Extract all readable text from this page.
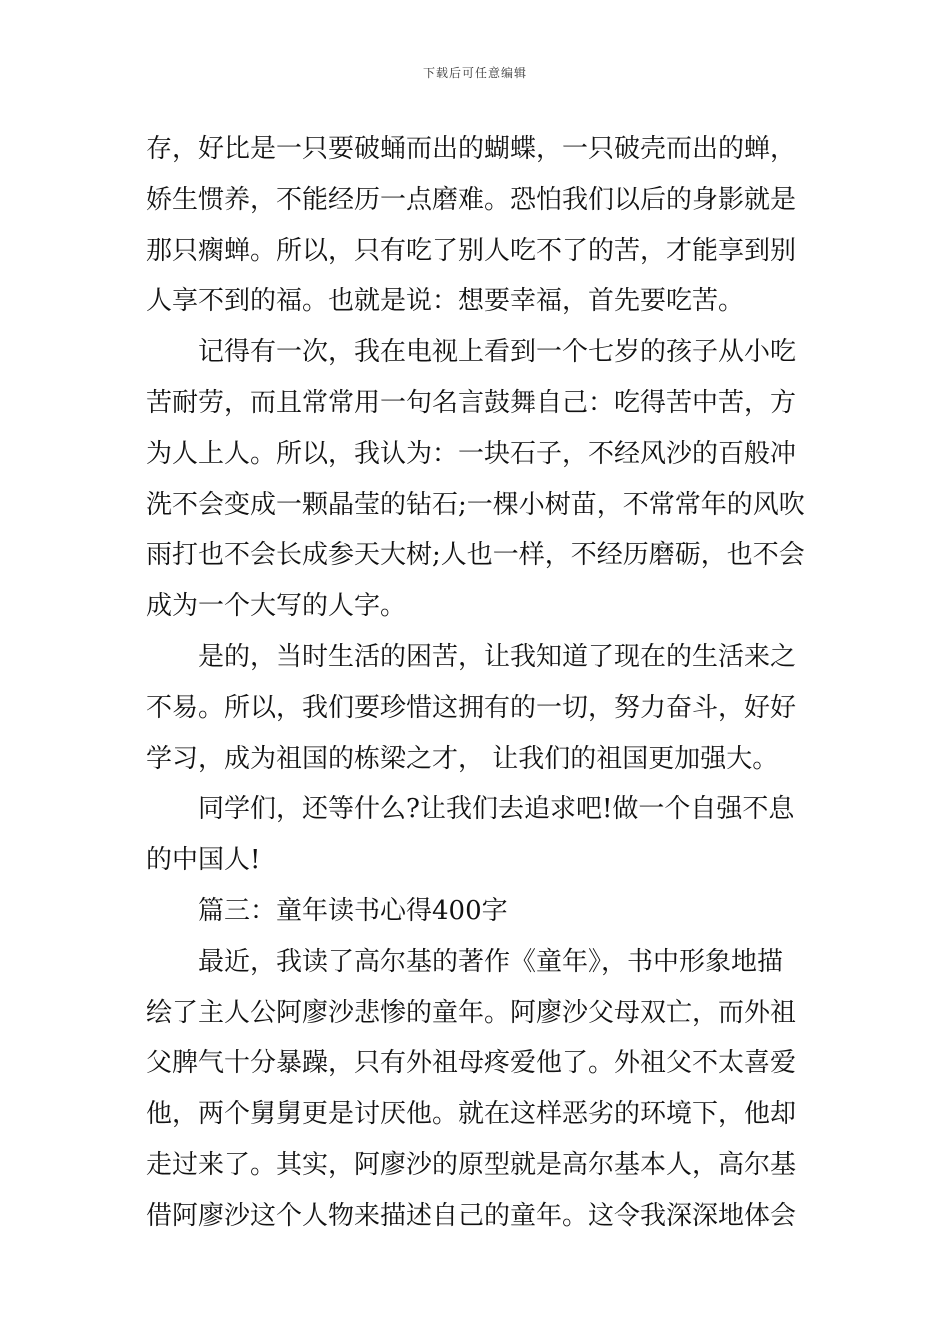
下载后可任意编辑
存，好比是一只要破蛹而出的蝴蝶，一只破壳而出的蝉，
娇生惯养，不能经历一点磨难。恐怕我们以后的身影就是
那只瘸蝉。所以，只有吃了别人吃不了的苦，才能享到别
人享不到的福。也就是说：想要幸福，首先要吃苦。
记得有一次，我在电视上看到一个七岁的孩子从小吃
苦耐劳，而且常常用一句名言鼓舞自己：吃得苦中苦，方
为人上人。所以，我认为：一块石子，不经风沙的百般冲
洗不会变成一颗晶莹的钻石;一棵小树苗，不常常年的风吹
雨打也不会长成参天大树;人也一样，不经历磨砺，也不会
成为一个大写的人字。
是的，当时生活的困苦，让我知道了现在的生活来之
不易。所以，我们要珍惜这拥有的一切，努力奋斗，好好
学习，成为祖国的栋梁之才， 让我们的祖国更加强大。
同学们，还等什么?让我们去追求吧!做一个自强不息
的中国人!
篇三：童年读书心得400字
最近，我读了高尔基的著作《童年》，书中形象地描
绘了主人公阿廖沙悲惨的童年。阿廖沙父母双亡，而外祖
父脾气十分暴躁，只有外祖母疼爱他了。外祖父不太喜爱
他，两个舅舅更是讨厌他。就在这样恶劣的环境下，他却
走过来了。其实，阿廖沙的原型就是高尔基本人，高尔基
借阿廖沙这个人物来描述自己的童年。这令我深深地体会
